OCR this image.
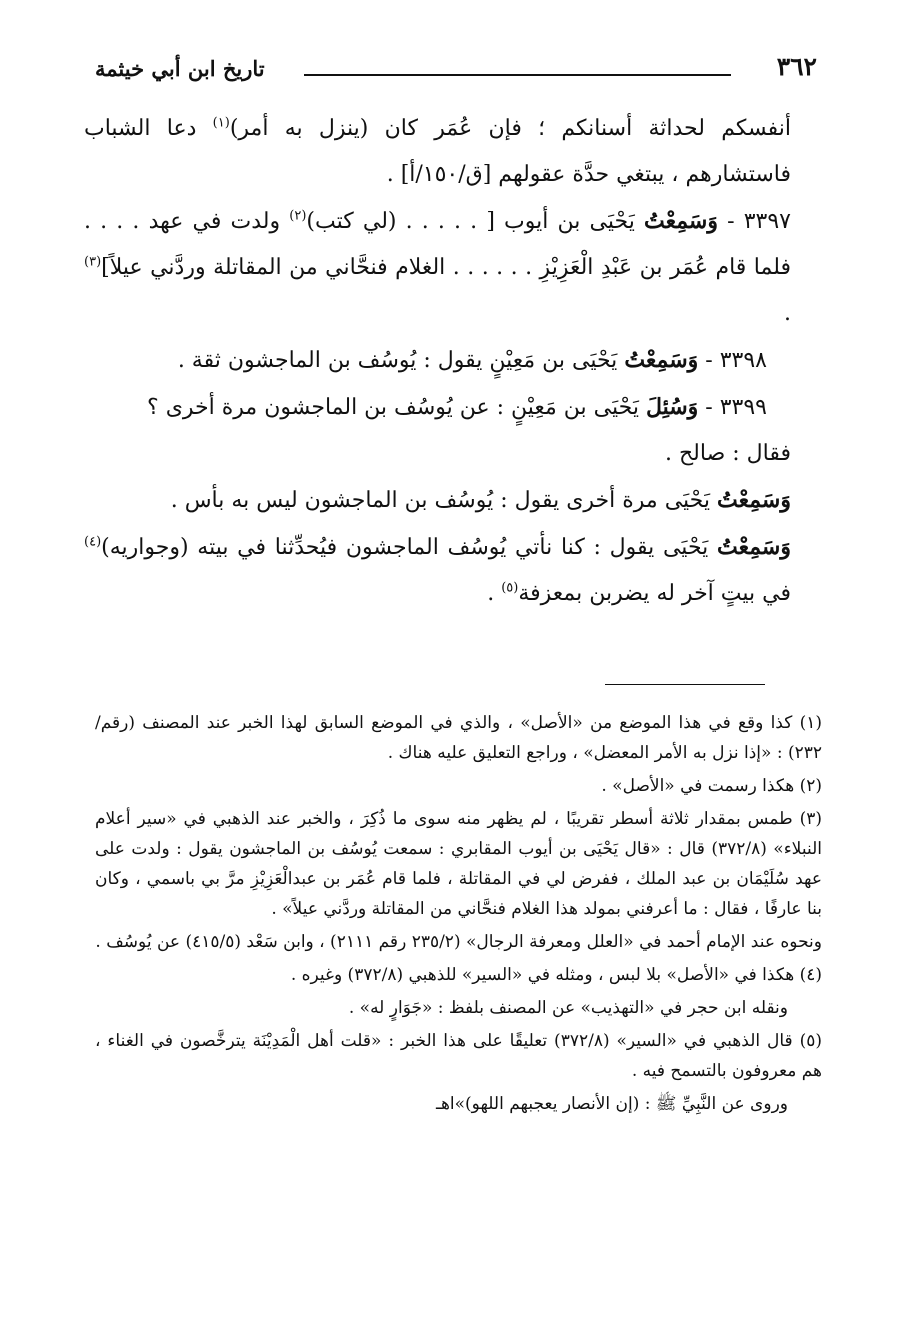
٣٦٢
تاريخ ابن أبي خيثمة

أنفسكم لحداثة أسنانكم ؛ فإن عُمَر كان (ينزل به أمر)$^{(١)}$ دعا الشباب فاستشارهم ، يبتغي حدَّة عقولهم [ق/١٥٠/أ] .

٣٣٩٧ - وَسَمِعْتُ يَحْيَى بن أيوب [ . . . . . (لي كتب)$^{(٢)}$ ولدت في عهد . . . . فلما قام عُمَر بن عَبْدِ الْعَزِيْزِ . . . . . . الغلام فنحَّاني من المقاتلة وردَّني عيلاً]$^{(٣)}$ .

٣٣٩٨ - وَسَمِعْتُ يَحْيَى بن مَعِيْنٍ يقول : يُوسُف بن الماجشون ثقة .

٣٣٩٩ - وَسُئِلَ يَحْيَى بن مَعِيْنٍ : عن يُوسُف بن الماجشون مرة أخرى ؟

فقال : صالح .

وَسَمِعْتُ يَحْيَى مرة أخرى يقول : يُوسُف بن الماجشون ليس به بأس .

وَسَمِعْتُ يَحْيَى يقول : كنا نأتي يُوسُف الماجشون فيُحدِّثنا في بيته (وجواريه)$^{(٤)}$ في بيتٍ آخر له يضربن بمعزفة$^{(٥)}$ .

(١) كذا وقع في هذا الموضع من «الأصل» ، والذي في الموضع السابق لهذا الخبر عند المصنف (رقم/ ٢٣٢) : «إذا نزل به الأمر المعضل» ، وراجع التعليق عليه هناك .

(٢) هكذا رسمت في «الأصل» .

(٣) طمس بمقدار ثلاثة أسطر تقريبًا ، لم يظهر منه سوى ما ذُكِرَ ، والخبر عند الذهبي في «سير أعلام النبلاء» (٣٧٢/٨) قال : «قال يَحْيَى بن أيوب المقابري : سمعت يُوسُف بن الماجشون يقول : ولدت على عهد سُلَيْمَان بن عبد الملك ، ففرض لي في المقاتلة ، فلما قام عُمَر بن عبدالْعَزِيْزِ مرَّ بي باسمي ، وكان بنا عارفًا ، فقال : ما أعرفني بمولد هذا الغلام فنحَّاني من المقاتلة وردَّني عيلاً» .

ونحوه عند الإمام أحمد في «العلل ومعرفة الرجال» (٢٣٥/٢ رقم ٢١١١) ، وابن سَعْد (٤١٥/٥) عن يُوسُف .

(٤) هكذا في «الأصل» بلا لبس ، ومثله في «السير» للذهبي (٣٧٢/٨) وغيره .

ونقله ابن حجر في «التهذيب» عن المصنف بلفظ : «جَوَارٍ له» .

(٥) قال الذهبي في «السير» (٣٧٢/٨) تعليقًا على هذا الخبر : «قلت أهل الْمَدِيْنَة يترخَّصون في الغناء ، هم معروفون بالتسمح فيه .

وروى عن النَّبِيِّ ﷺ : (إن الأنصار يعجبهم اللهو)»اهـ
